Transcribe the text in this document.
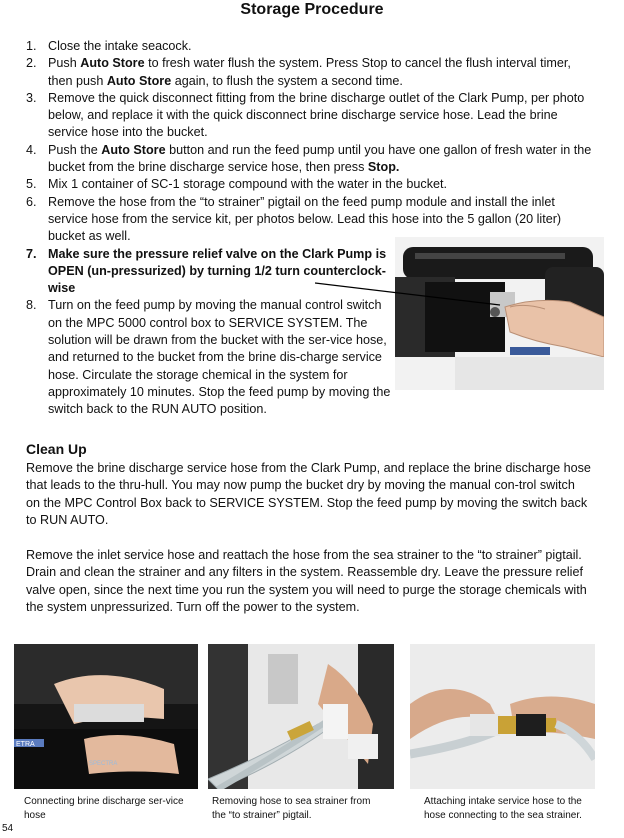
Storage Procedure
1. Close the intake seacock.
2. Push Auto Store to fresh water flush the system. Press Stop to cancel the flush interval timer, then push Auto Store again, to flush the system a second time.
3. Remove the quick disconnect fitting from the brine discharge outlet of the Clark Pump, per photo below, and replace it with the quick disconnect brine discharge service hose. Lead the brine service hose into the bucket.
4. Push the Auto Store button and run the feed pump until you have one gallon of fresh water in the bucket from the brine discharge service hose, then press Stop.
5. Mix 1 container of SC-1 storage compound with the water in the bucket.
6. Remove the hose from the “to strainer” pigtail on the feed pump module and install the inlet service hose from the service kit, per photos below. Lead this hose into the 5 gallon (20 liter) bucket as well.
7. Make sure the pressure relief valve on the Clark Pump is OPEN (un-pressurized) by turning 1/2 turn counterclock-wise
8. Turn on the feed pump by moving the manual control switch on the MPC 5000 control box to SERVICE SYSTEM. The solution will be drawn from the bucket with the ser-vice hose, and returned to the bucket from the brine dis-charge service hose. Circulate the storage chemical in the system for approximately 10 minutes. Stop the feed pump by moving the switch back to the RUN AUTO position.
Clean Up
Remove the brine discharge service hose from the Clark Pump, and replace the brine discharge hose that leads to the thru-hull. You may now pump the bucket dry by moving the manual con-trol switch on the MPC Control Box back to SERVICE SYSTEM. Stop the feed pump by moving the switch back to RUN AUTO.
Remove the inlet service hose and reattach the hose from the sea strainer to the “to strainer” pigtail. Drain and clean the strainer and any filters in the system. Reassemble dry. Leave the pressure relief valve open, since the next time you run the system you will need to purge the storage chemicals with the system unpressurized. Turn off the power to the system.
ETRA
SPECTRA
Connecting brine discharge ser-vice hose
Removing hose to sea strainer from the “to strainer” pigtail.
Attaching intake service hose to the hose connecting to the sea strainer.
54
